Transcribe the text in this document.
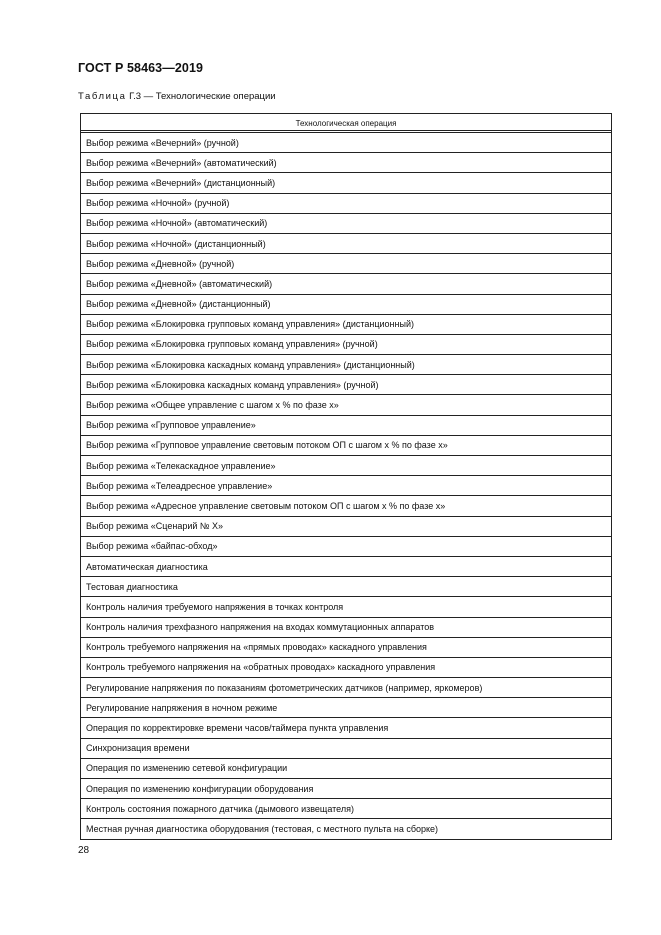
ГОСТ Р 58463—2019
Таблица Г.3 — Технологические операции
Технологическая операция

Выбор режима «Вечерний» (ручной)
Выбор режима «Вечерний» (автоматический)
Выбор режима «Вечерний» (дистанционный)
Выбор режима «Ночной» (ручной)
Выбор режима «Ночной» (автоматический)
Выбор режима «Ночной» (дистанционный)
Выбор режима «Дневной» (ручной)
Выбор режима «Дневной» (автоматический)
Выбор режима «Дневной» (дистанционный)
Выбор режима «Блокировка групповых команд управления» (дистанционный)
Выбор режима «Блокировка групповых команд управления» (ручной)
Выбор режима «Блокировка каскадных команд управления» (дистанционный)
Выбор режима «Блокировка каскадных команд управления» (ручной)
Выбор режима «Общее управление с шагом х % по фазе х»
Выбор режима «Групповое управление»
Выбор режима «Групповое управление световым потоком ОП с шагом х % по фазе х»
Выбор режима «Телекаскадное управление»
Выбор режима «Телеадресное управление»
Выбор режима «Адресное управление световым потоком ОП с шагом х % по фазе х»
Выбор режима «Сценарий № Х»
Выбор режима «байпас-обход»
Автоматическая диагностика
Тестовая диагностика
Контроль наличия требуемого напряжения в точках контроля
Контроль наличия трехфазного напряжения на входах коммутационных аппаратов
Контроль требуемого напряжения на «прямых проводах» каскадного управления
Контроль требуемого напряжения на «обратных проводах» каскадного управления
Регулирование напряжения по показаниям фотометрических датчиков (например, яркомеров)
Регулирование напряжения в ночном режиме
Операция по корректировке времени часов/таймера пункта управления
Синхронизация времени
Операция по изменению сетевой конфигурации
Операция по изменению конфигурации оборудования
Контроль состояния пожарного датчика (дымового извещателя)
Местная ручная диагностика оборудования (тестовая, с местного пульта на сборке)
28
